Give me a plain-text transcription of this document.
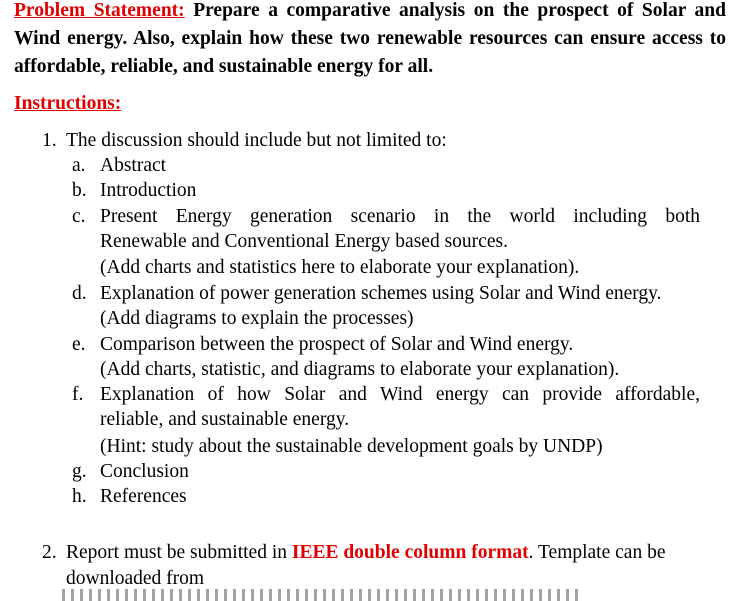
Problem Statement: Prepare a comparative analysis on the prospect of Solar and Wind energy. Also, explain how these two renewable resources can ensure access to affordable, reliable, and sustainable energy for all.
Instructions:
1. The discussion should include but not limited to:
a. Abstract
b. Introduction
c. Present Energy generation scenario in the world including both
Renewable and Conventional Energy based sources.
(Add charts and statistics here to elaborate your explanation).
d. Explanation of power generation schemes using Solar and Wind energy.
(Add diagrams to explain the processes)
e. Comparison between the prospect of Solar and Wind energy.
(Add charts, statistic, and diagrams to elaborate your explanation).
f. Explanation of how Solar and Wind energy can provide affordable,
reliable, and sustainable energy.
(Hint: study about the sustainable development goals by UNDP)
g. Conclusion
h. References
2. Report must be submitted in IEEE double column format. Template can be
downloaded from
